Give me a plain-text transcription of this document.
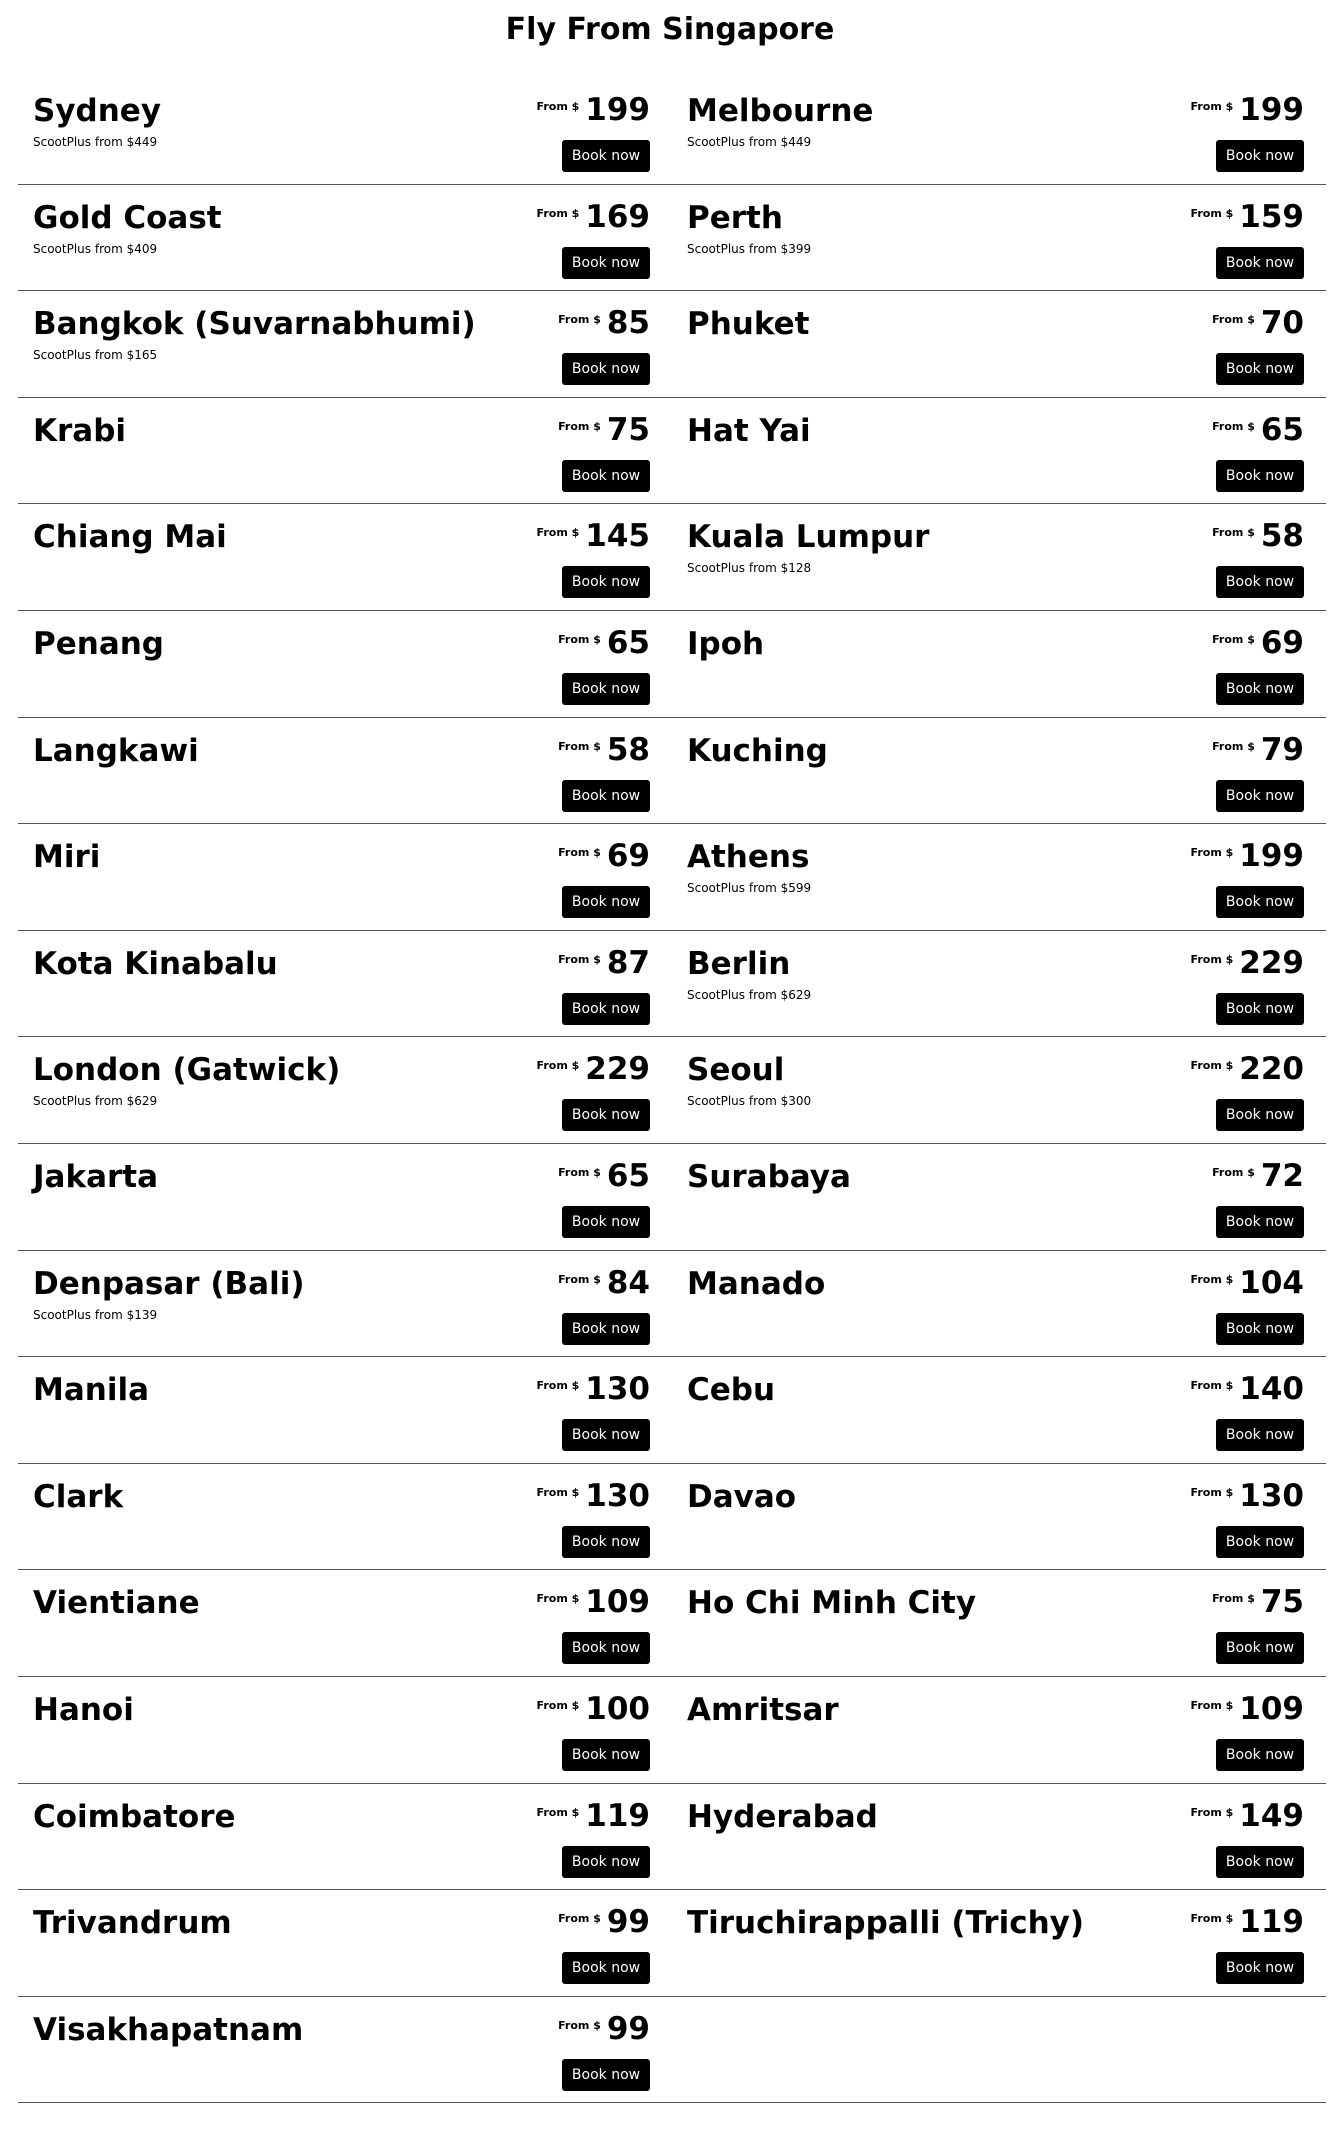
Fly From Singapore
Sydney
ScootPlus from $449
From $ 199
Book now
Melbourne
ScootPlus from $449
From $ 199
Book now
Gold Coast
ScootPlus from $409
From $ 169
Book now
Perth
ScootPlus from $399
From $ 159
Book now
Bangkok (Suvarnabhumi)
ScootPlus from $165
From $ 85
Book now
Phuket	From $ 70
Book now
Krabi	From $ 75
Book now
Hat Yai	From $ 65
Book now
Chiang Mai	From $ 145
Book now
Kuala Lumpur
ScootPlus from $128
From $ 58
Book now
Penang	From $ 65
Book now
Ipoh	From $ 69
Book now
Langkawi	From $ 58
Book now
Kuching	From $ 79
Book now
Miri	From $ 69
Book now
Athens
ScootPlus from $599
From $ 199
Book now
Kota Kinabalu	From $ 87
Book now
Berlin
ScootPlus from $629
From $ 229
Book now
London (Gatwick)
ScootPlus from $629
From $ 229
Book now
Seoul
ScootPlus from $300
From $ 220
Book now
Jakarta	From $ 65
Book now
Surabaya	From $ 72
Book now
Denpasar (Bali)
ScootPlus from $139
From $ 84
Book now
Manado	From $ 104
Book now
Manila	From $ 130
Book now
Cebu	From $ 140
Book now
Clark	From $ 130
Book now
Davao	From $ 130
Book now
Vientiane	From $ 109
Book now
Ho Chi Minh City	From $ 75
Book now
Hanoi	From $ 100
Book now
Amritsar	From $ 109
Book now
Coimbatore	From $ 119
Book now
Hyderabad	From $ 149
Book now
Trivandrum	From $ 99
Book now
Tiruchirappalli (Trichy)	From $ 119
Book now
Visakhapatnam	From $ 99
Book now
